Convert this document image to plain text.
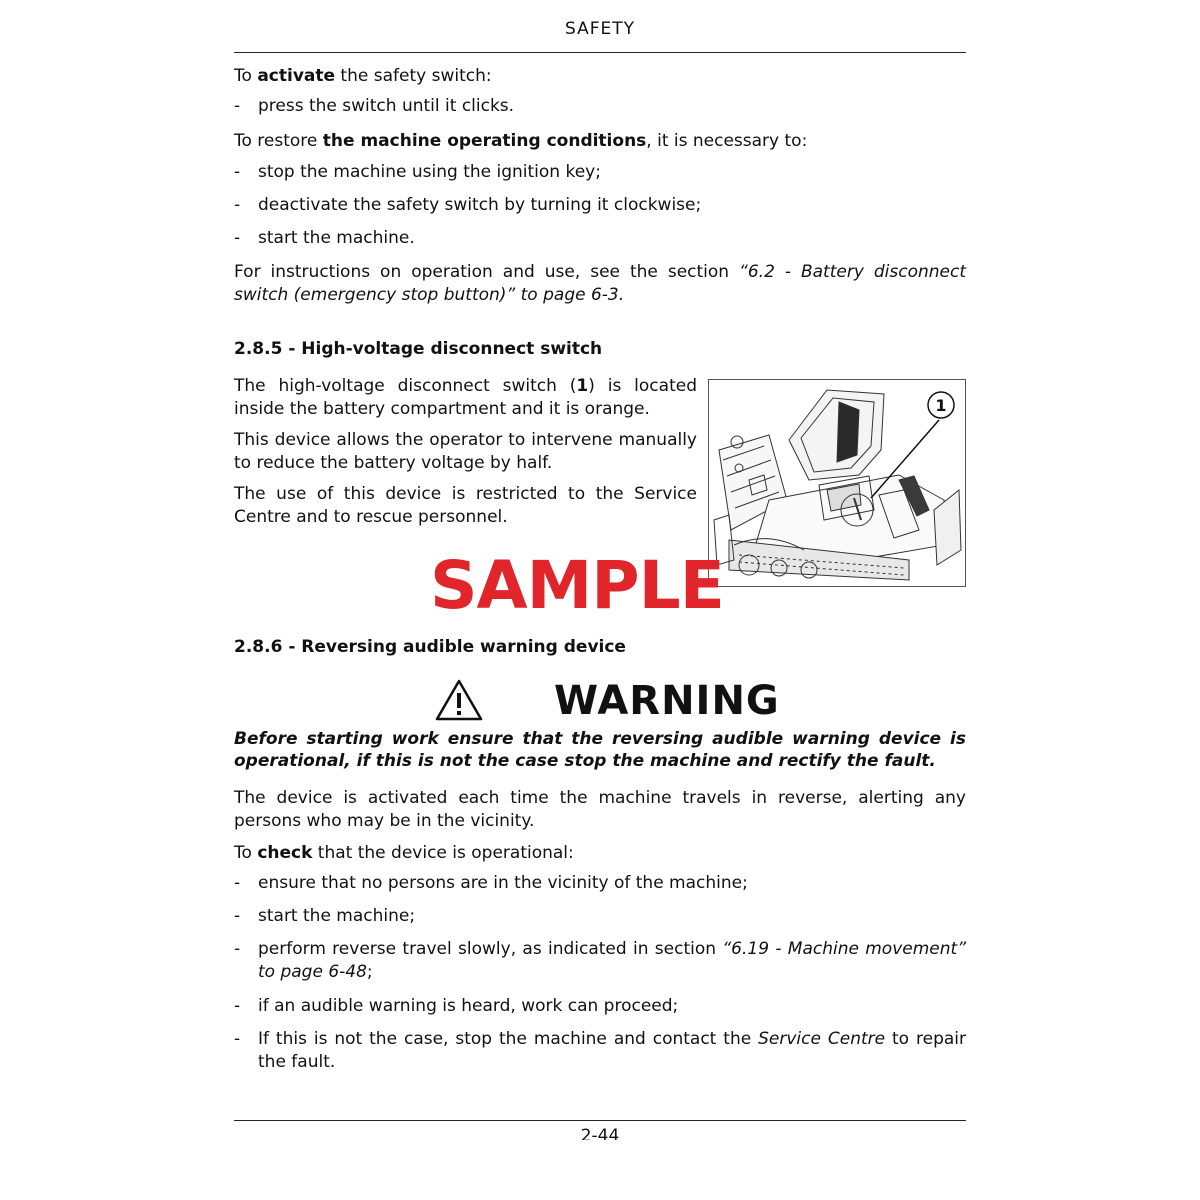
SAFETY

To activate the safety switch:

- press the switch until it clicks.

To restore the machine operating conditions, it is necessary to:

- stop the machine using the ignition key;
- deactivate the safety switch by turning it clockwise;
- start the machine.

For instructions on operation and use, see the section “6.2 - Battery disconnect switch (emergency stop button)” to page 6-3.

2.8.5 - High-voltage disconnect switch

The high-voltage disconnect switch (1) is located inside the battery compartment and it is orange.

This device allows the operator to intervene manually to reduce the battery voltage by half.

The use of this device is restricted to the Service Centre and to rescue personnel.

1
SAMPLE
2.8.6 - Reversing audible warning device
WARNING
Before starting work ensure that the reversing audible warning device is operational, if this is not the case stop the machine and rectify the fault.

The device is activated each time the machine travels in reverse, alerting any persons who may be in the vicinity.

To check that the device is operational:

- ensure that no persons are in the vicinity of the machine;
- start the machine;
- perform reverse travel slowly, as indicated in section “6.19 - Machine movement” to page 6-48;
- if an audible warning is heard, work can proceed;
- If this is not the case, stop the machine and contact the Service Centre to repair the fault.
2-44
